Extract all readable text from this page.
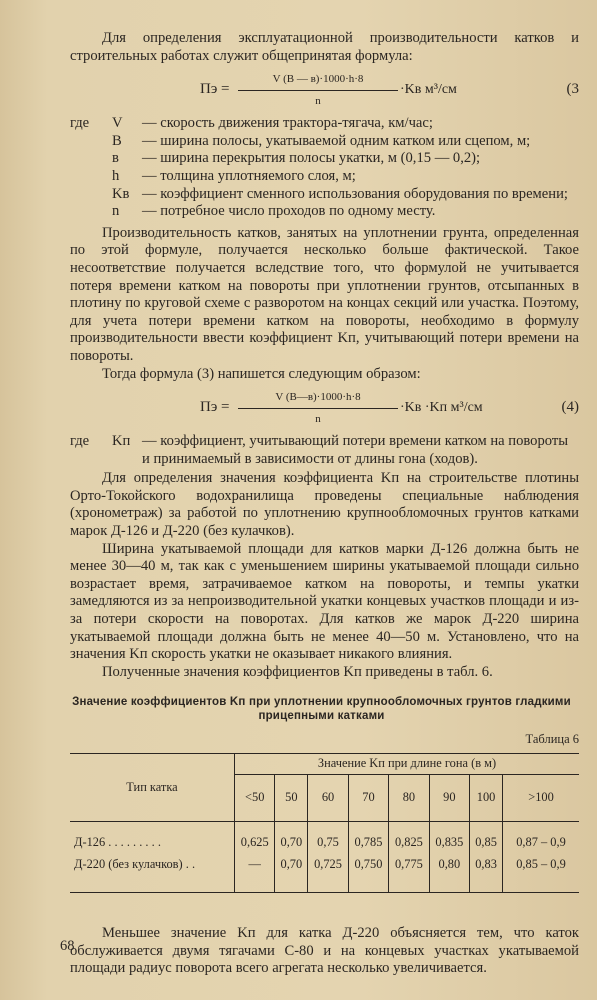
Для определения эксплуатационной производительности катков и строительных работах служит общепринятая формула:

Пэ =
V (B — в)·1000·h·8
n
·Kв м³/см	(3
где	V	— скорость движения трактора-тягача, км/час;
B	— ширина полосы, укатываемой одним катком или сцепом, м;
в	— ширина перекрытия полосы укатки, м (0,15 — 0,2);
h	— толщина уплотняемого слоя, м;
Kв — коэффициент сменного использования оборудования по времени;
n	— потребное число проходов по одному месту.

Производительность катков, занятых на уплотнении грунта, определенная по этой формуле, получается несколько больше фактической. Такое несоответствие получается вследствие того, что формулой не учитывается потеря времени катком на повороты при уплотнении грунтов, отсыпанных в плотину по круговой схеме с разворотом на концах секций или участка. Поэтому, для учета потери времени катком на повороты, необходимо в формулу производительности ввести коэффициент Kп, учитывающий потери времени на повороты.

Тогда формула (3) напишется следующим образом:

Пэ =
V (B—в)·1000·h·8
n
·Kв ·Kп м³/см	(4)
где	Kп — коэффициент, учитывающий потери времени катком на повороты и принимаемый в зависимости от длины гона (ходов).

Для определения значения коэффициента Kп на строительстве плотины Орто-Токойского водохранилища проведены специальные наблюдения (хронометраж) за работой по уплотнению крупнообломочных грунтов катками марок Д-126 и Д-220 (без кулачков).

Ширина укатываемой площади для катков марки Д-126 должна быть не менее 30—40 м, так как с уменьшением ширины укатываемой площади сильно возрастает время, затрачиваемое катком на повороты, и темпы укатки замедляются из за непроизводительной укатки концевых участков площади и из-за потери скорости на поворотах. Для катков же марок Д-220 ширина укатываемой площади должна быть не менее 40—50 м. Установлено, что на значения Kп скорость укатки не оказывает никакого влияния.

Полученные значения коэффициентов Kп приведены в табл. 6.

Значение коэффициентов Kп при уплотнении крупнообломочных грунтов гладкими прицепными катками
Таблица 6
Тип катка	Значение Kп при длине гона (в м)							
	<50	50	60	70	80	90	100	>100
Д-126 . . . . . . . . .	0,625	0,70	0,75	0,785	0,825	0,835	0,85	0,87 – 0,9
Д-220 (без кулачков) . .	—	0,70	0,725	0,750	0,775	0,80	0,83	0,85 – 0,9

Меньшее значение Kп для катка Д-220 объясняется тем, что каток обслуживается двумя тягачами С-80 и на концевых участках укатываемой площади радиус поворота всего агрегата несколько увеличивается.

68
